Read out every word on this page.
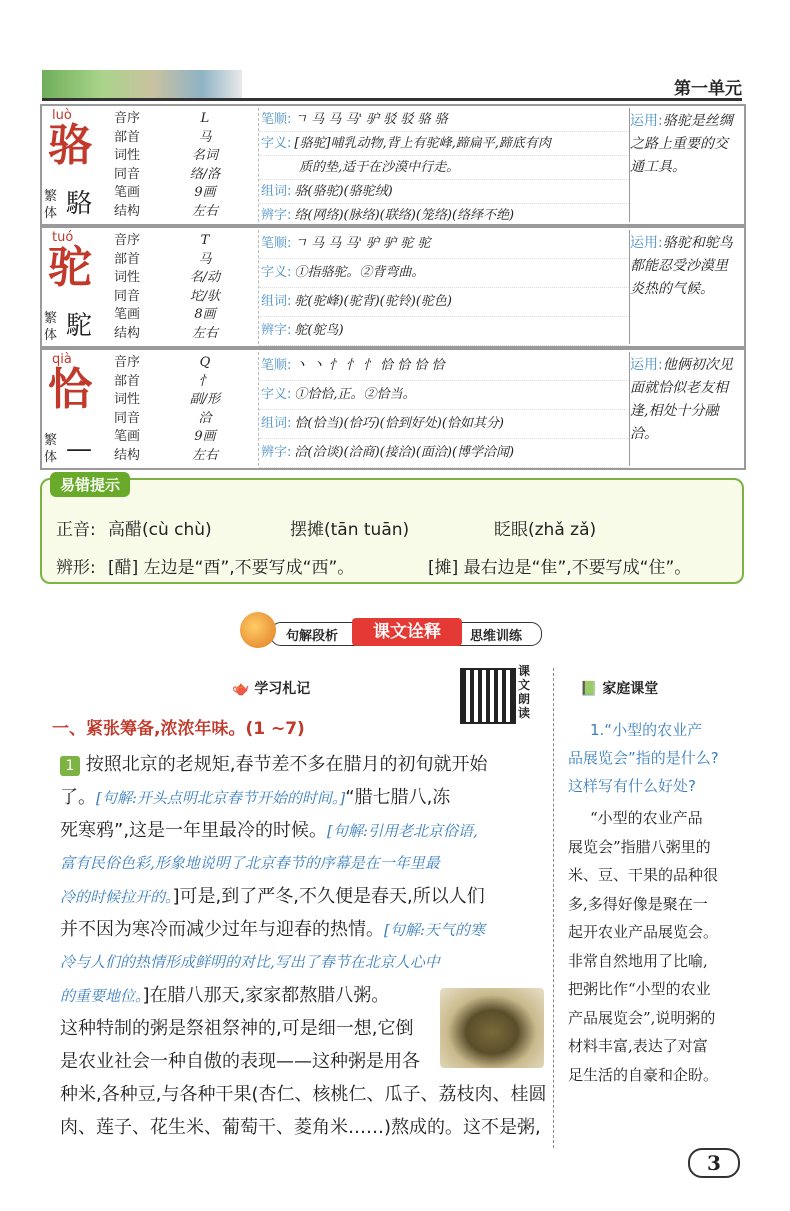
第一单元
luò
骆
繁体 駱
音序	L
部首	马
词性	名词
同音	络/洛
笔画	9画
结构	左右
笔顺: ㄱ 马 马 马' 驴 驳 驳 骆 骆
字义: [骆驼]哺乳动物,背上有驼峰,蹄扁平,蹄底有肉
质的垫,适于在沙漠中行走。
组词: 骆(骆驼)(骆驼绒)
辨字: 络(网络)(脉络)(联络)(笼络)(络绎不绝)
运用:骆驼是丝绸之路上重要的交通工具。
tuó
驼
繁体 駝
音序	T
部首	马
词性	名/动
同音	坨/驮
笔画	8画
结构	左右
笔顺: ㄱ 马 马 马' 驴 驴 驼 驼
字义: ①指骆驼。②背弯曲。
组词: 驼(驼峰)(驼背)(驼铃)(驼色)
辨字: 鸵(鸵鸟)
运用:骆驼和鸵鸟都能忍受沙漠里炎热的气候。
qià
恰
繁体 —
音序	Q
部首	忄
词性	副/形
同音	洽
笔画	9画
结构	左右
笔顺: 丶 丶 忄 忄 忄 恰 恰 恰 恰
字义: ①恰恰,正。②恰当。
组词: 恰(恰当)(恰巧)(恰到好处)(恰如其分)
辨字: 洽(洽谈)(洽商)(接洽)(面洽)(博学洽闻)
运用:他俩初次见面就恰似老友相逢,相处十分融洽。
易错提示
正音: 高醋(cù chù)	摆摊(tān tuān)	眨眼(zhǎ zǎ)
辨形: [醋] 左边是“酉”,不要写成“西”。	[摊] 最右边是“隹”,不要写成“住”。
句解段析	课文诠释	思维训练
🫖 学习札记
课文朗读
一、紧张筹备,浓浓年味。(1 ~7)
1 按照北京的老规矩,春节差不多在腊月的初旬就开始
了。[句解:开头点明北京春节开始的时间。]“腊七腊八,冻
死寒鸦”,这是一年里最冷的时候。[句解:引用老北京俗语,
富有民俗色彩,形象地说明了北京春节的序幕是在一年里最
冷的时候拉开的。]可是,到了严冬,不久便是春天,所以人们
并不因为寒冷而减少过年与迎春的热情。[句解:天气的寒
冷与人们的热情形成鲜明的对比,写出了春节在北京人心中
的重要地位。]在腊八那天,家家都熬腊八粥。
这种特制的粥是祭祖祭神的,可是细一想,它倒
是农业社会一种自傲的表现——这种粥是用各
种米,各种豆,与各种干果(杏仁、核桃仁、瓜子、荔枝肉、桂圆
肉、莲子、花生米、葡萄干、菱角米……)熬成的。这不是粥,
📗 家庭课堂
1.“小型的农业产
品展览会”指的是什么?
这样写有什么好处?
“小型的农业产品
展览会”指腊八粥里的
米、豆、干果的品种很
多,多得好像是聚在一
起开农业产品展览会。
非常自然地用了比喻,
把粥比作“小型的农业
产品展览会”,说明粥的
材料丰富,表达了对富
足生活的自豪和企盼。
3
